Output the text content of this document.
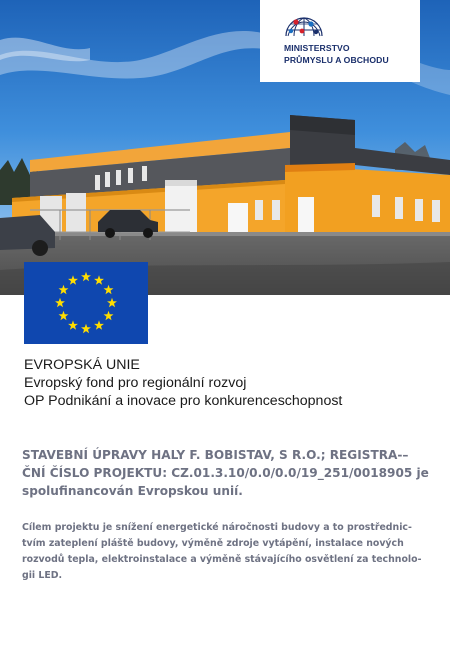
MINISTERSTVO
PRŮMYSLU A OBCHODU
EVROPSKÁ UNIE
Evropský fond pro regionální rozvoj
OP Podnikání a inovace pro konkurenceschopnost
STAVEBNÍ ÚPRAVY HALY F. BOBISTAV, S R.O.; REGISTRA-–
ČNÍ ČÍSLO PROJEKTU: CZ.01.3.10/0.0/0.0/19_251/0018905 je
spolufinancován Evropskou unií.
Cílem projektu je snížení energetické náročnosti budovy a to prostřednic-
tvím zateplení pláště budovy, výměně zdroje vytápění, instalace nových
rozvodů tepla, elektroinstalace a výměně stávajícího osvětlení za technolo-
gii LED.
